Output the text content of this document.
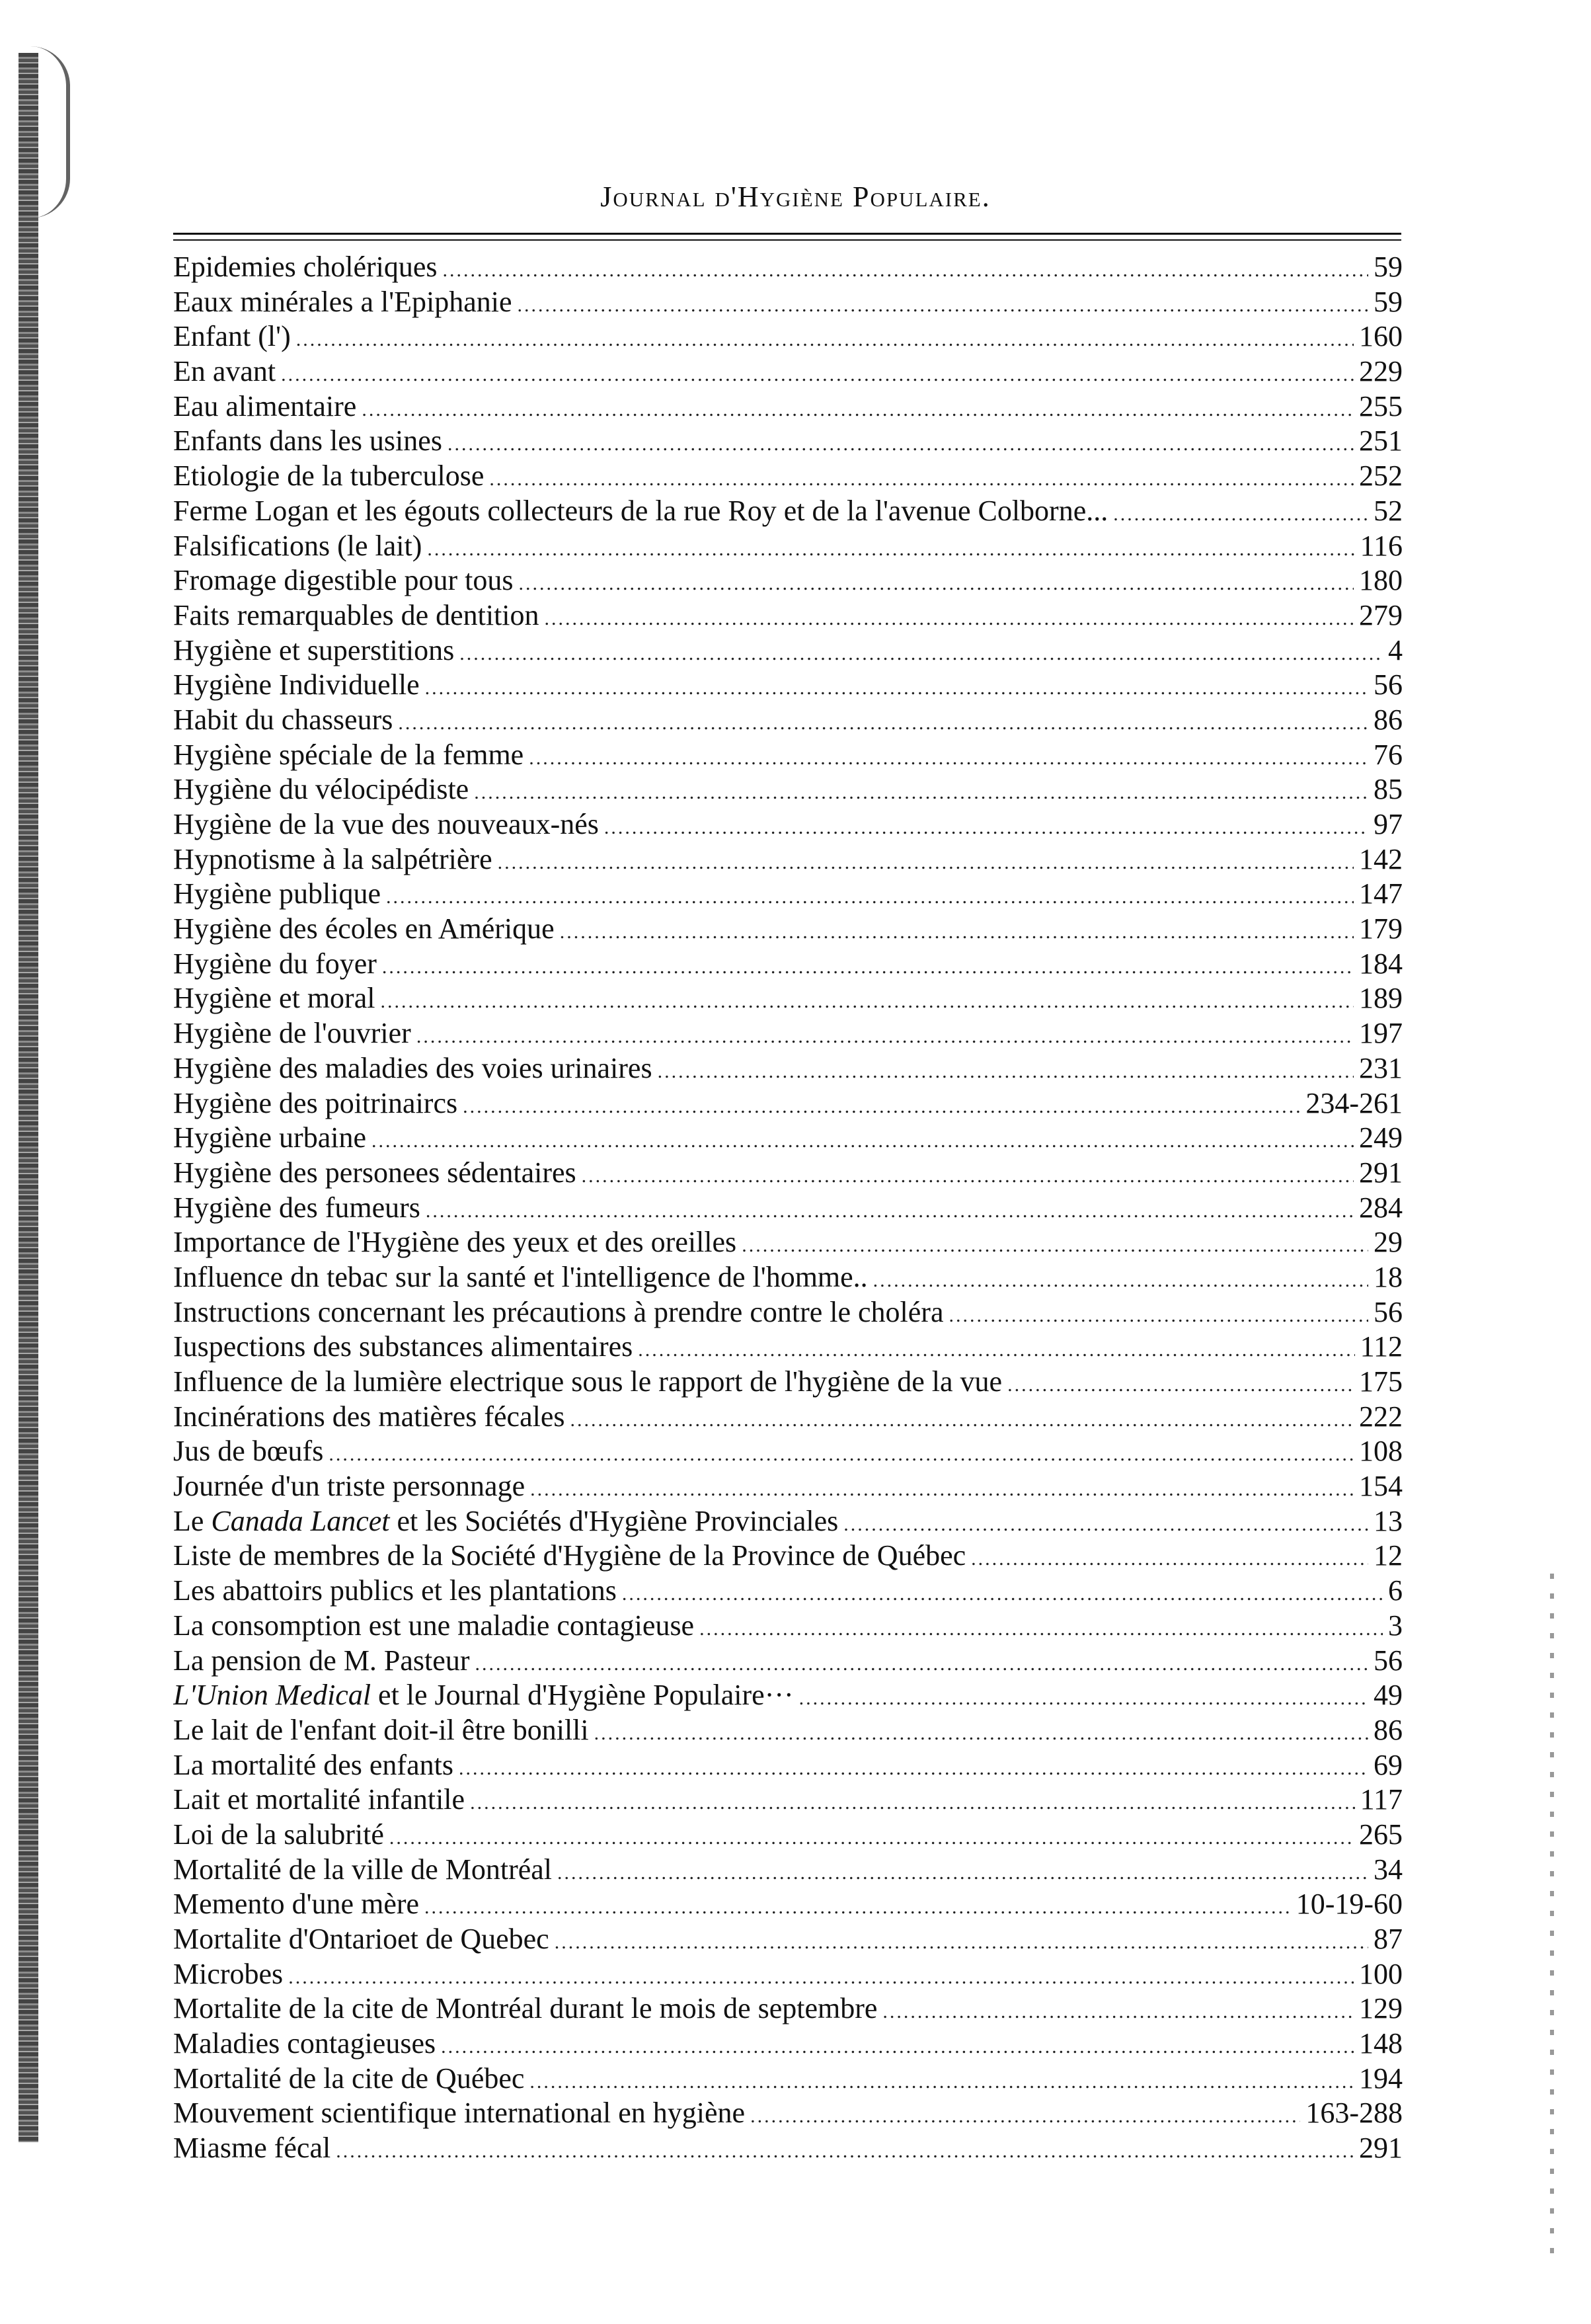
Journal d'Hygiène Populaire.
Epidemies cholériques .....	59
Eaux minérales a l'Epiphanie .....	59
Enfant (l') .....	160
En avant .....	229
Eau alimentaire .....	255
Enfants dans les usines .....	251
Etiologie de la tuberculose .....	252
Ferme Logan et les égouts collecteurs de la rue Roy et de la l'avenue Colborne... .....	52
Falsifications (le lait) .....	116
Fromage digestible pour tous .....	180
Faits remarquables de dentition .....	279
Hygiène et superstitions .....	4
Hygiène Individuelle .....	56
Habit du chasseurs .....	86
Hygiène spéciale de la femme .....	76
Hygiène du vélocipédiste .....	85
Hygiène de la vue des nouveaux-nés .....	97
Hypnotisme à la salpétrière .....	142
Hygiène publique .....	147
Hygiène des écoles en Amérique .....	179
Hygiène du foyer .....	184
Hygiène et moral .....	189
Hygiène de l'ouvrier .....	197
Hygiène des maladies des voies urinaires .....	231
Hygiène des poitrinaircs .....	234-261
Hygiène urbaine .....	249
Hygiène des personees sédentaires .....	291
Hygiène des fumeurs .....	284
Importance de l'Hygiène des yeux et des oreilles .....	29
Influence dn tebac sur la santé et l'intelligence de l'homme.. .....	18
Instructions concernant les précautions à prendre contre le choléra .....	56
Iuspections des substances alimentaires .....	112
Influence de la lumière electrique sous le rapport de l'hygiène de la vue .....	175
Incinérations des matières fécales .....	222
Jus de bœufs .....	108
Journée d'un triste personnage .....	154
Le Canada Lancet et les Sociétés d'Hygiène Provinciales .....	13
Liste de membres de la Société d'Hygiène de la Province de Québec .....	12
Les abattoirs publics et les plantations .....	6
La consomption est une maladie contagieuse .....	3
La pension de M. Pasteur .....	56
L'Union Medical et le Journal d'Hygiène Populaire··· .....	49
Le lait de l'enfant doit-il être bonilli .....	86
La mortalité des enfants .....	69
Lait et mortalité infantile .....	117
Loi de la salubrité .....	265
Mortalité de la ville de Montréal .....	34
Memento d'une mère .....	10-19-60
Mortalite d'Ontarioet de Quebec .....	87
Microbes .....	100
Mortalite de la cite de Montréal durant le mois de septembre .....	129
Maladies contagieuses .....	148
Mortalité de la cite de Québec .....	194
Mouvement scientifique international en hygiène .....	163-288
Miasme fécal .....	291
